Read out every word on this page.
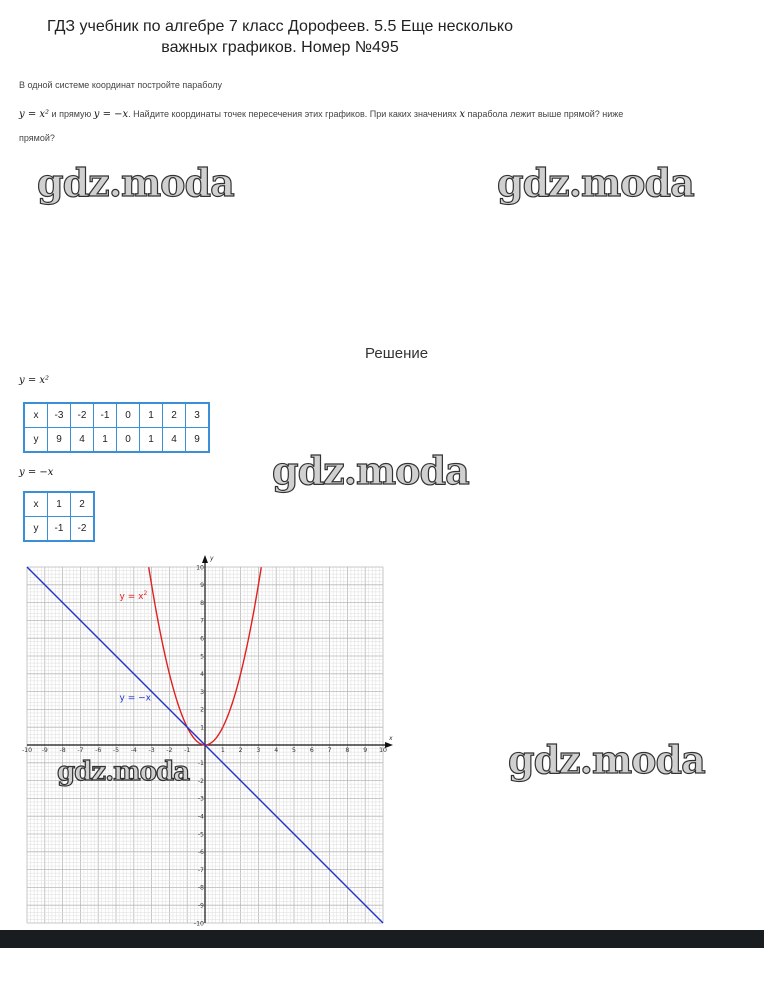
ГДЗ учебник по алгебре 7 класс Дорофеев. 5.5 Еще несколько
важных графиков. Номер №495
В одной системе координат постройте параболу
y = x² и прямую y = −x. Найдите координаты точек пересечения этих графиков. При каких значениях x парабола лежит выше прямой? ниже
прямой?
gdz.moda	gdz.moda
gdz.moda
gdz.moda
Решение
y = x²
x	-3	-2	-1	0	1	2	3
y	9	4	1	0	1	4	9
y = −x
x	1	2
y	-1	-2
x
y
-10 -9 -8 -7 -6 -5 -4 -3 -2 -1	1 2 3 4 5 6 7 8 9 10
10
9
8
7
6
5
4
3
2
1
-1
-2
-3
-4
-5
-6
-7
-8
-9
-10
$y = x^2$
y = −x
gdz.moda
